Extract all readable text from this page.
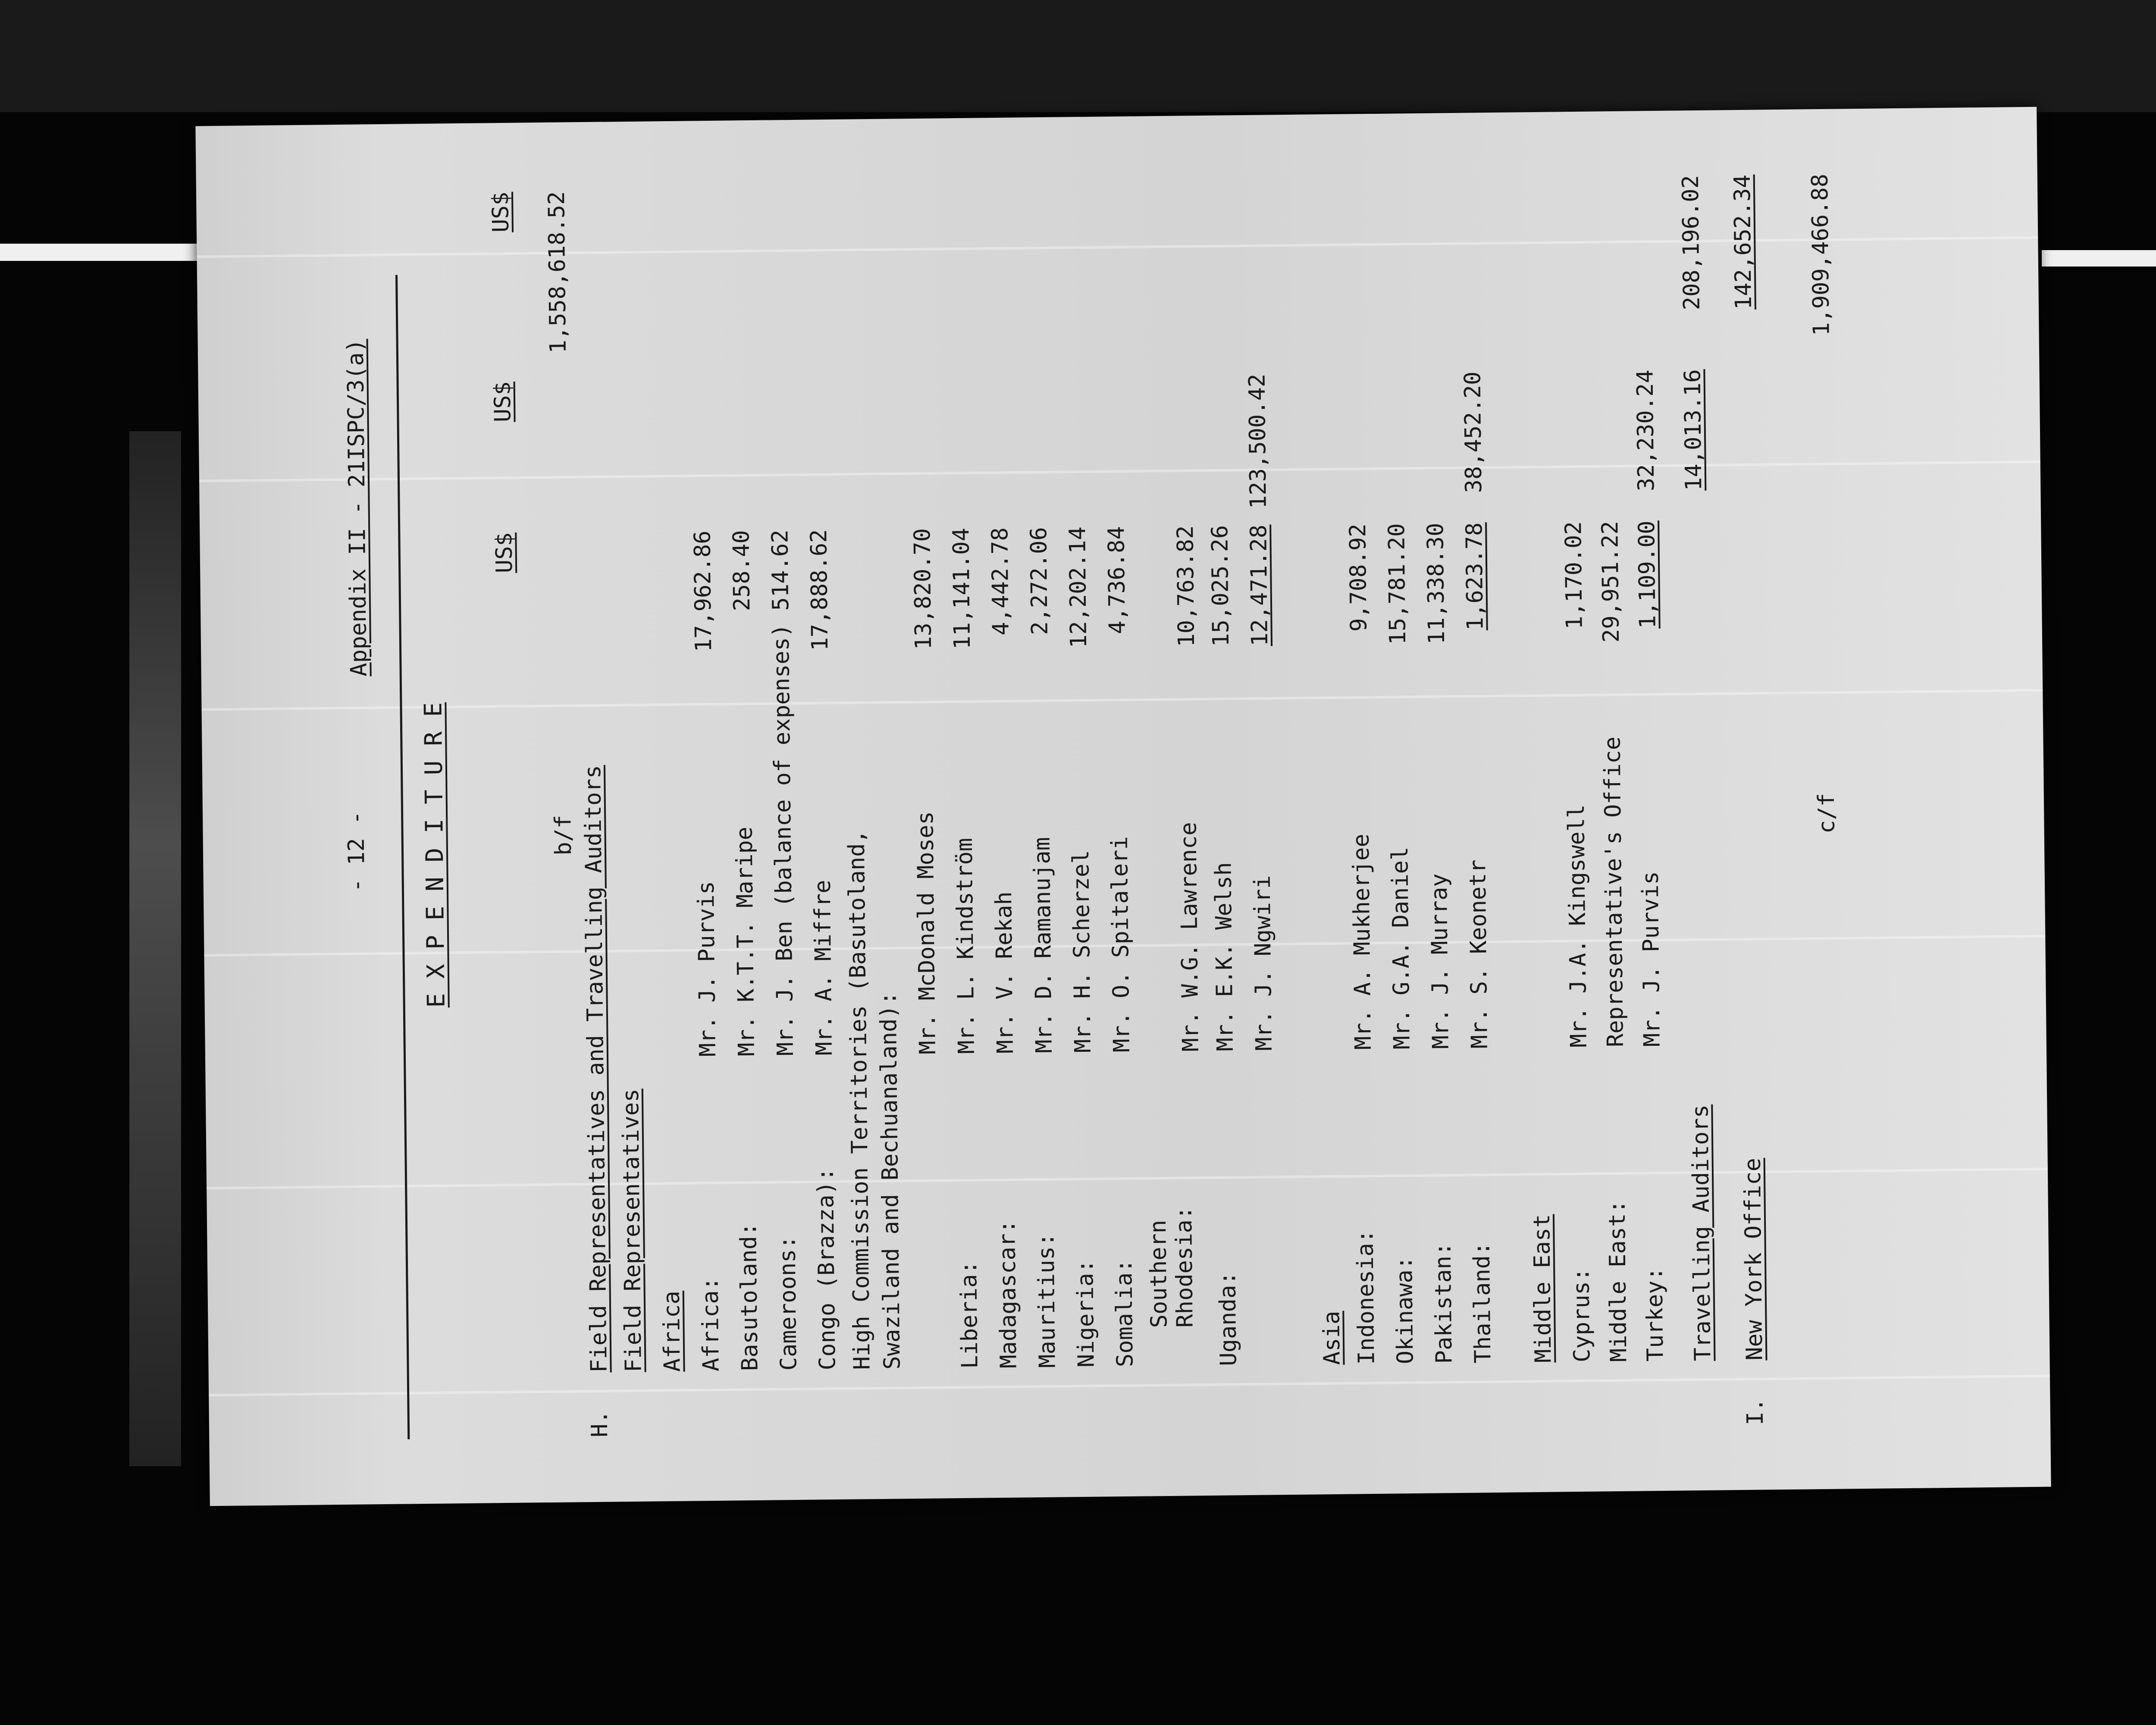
- 12 -
Appendix II - 21ISPC/3(a)
E X P E N D I T U R E
US$
US$
US$
b/f
1,558,618.52
H.
Field Representatives and Travelling Auditors Field Representatives Africa Africa:
Mr. J. Purvis
17,962.86
Basutoland:
Mr. K.T.T. Maripe
258.40
Cameroons:
Mr. J. Ben (balance of expenses)
514.62
Congo (Brazza):
Mr. A. Miffre
17,888.62
High Commission Territories (Basutoland, Swaziland and Bechuanaland):
Mr. McDonald Moses
13,820.70
Liberia:
Mr. L. Kindström
11,141.04
Madagascar:
Mr. V. Rekah
4,442.78
Mauritius:
Mr. D. Ramanujam
2,272.06
Nigeria:
Mr. H. Scherzel
12,202.14
Somalia:
Mr. O. Spitaleri
4,736.84
Southern
Rhodesia:
Mr. W.G. Lawrence
10,763.82
Uganda:
Mr. E.K. Welsh
15,025.26
Mr. J. Ngwiri
12,471.28
123,500.42
Asia Indonesia:
Mr. A. Mukherjee
9,708.92
Okinawa:
Mr. G.A. Daniel
15,781.20
Pakistan:
Mr. J. Murray
11,338.30
Thailand:
Mr. S. Keonetr
1,623.78
38,452.20
Middle East Cyprus:
Mr. J.A. Kingswell
1,170.02
Middle East:
Representative's Office
29,951.22
Turkey:
Mr. J. Purvis
1,109.00
32,230.24
Travelling Auditors
14,013.16
208,196.02
I.
New York Office
142,652.34
c/f
1,909,466.88
